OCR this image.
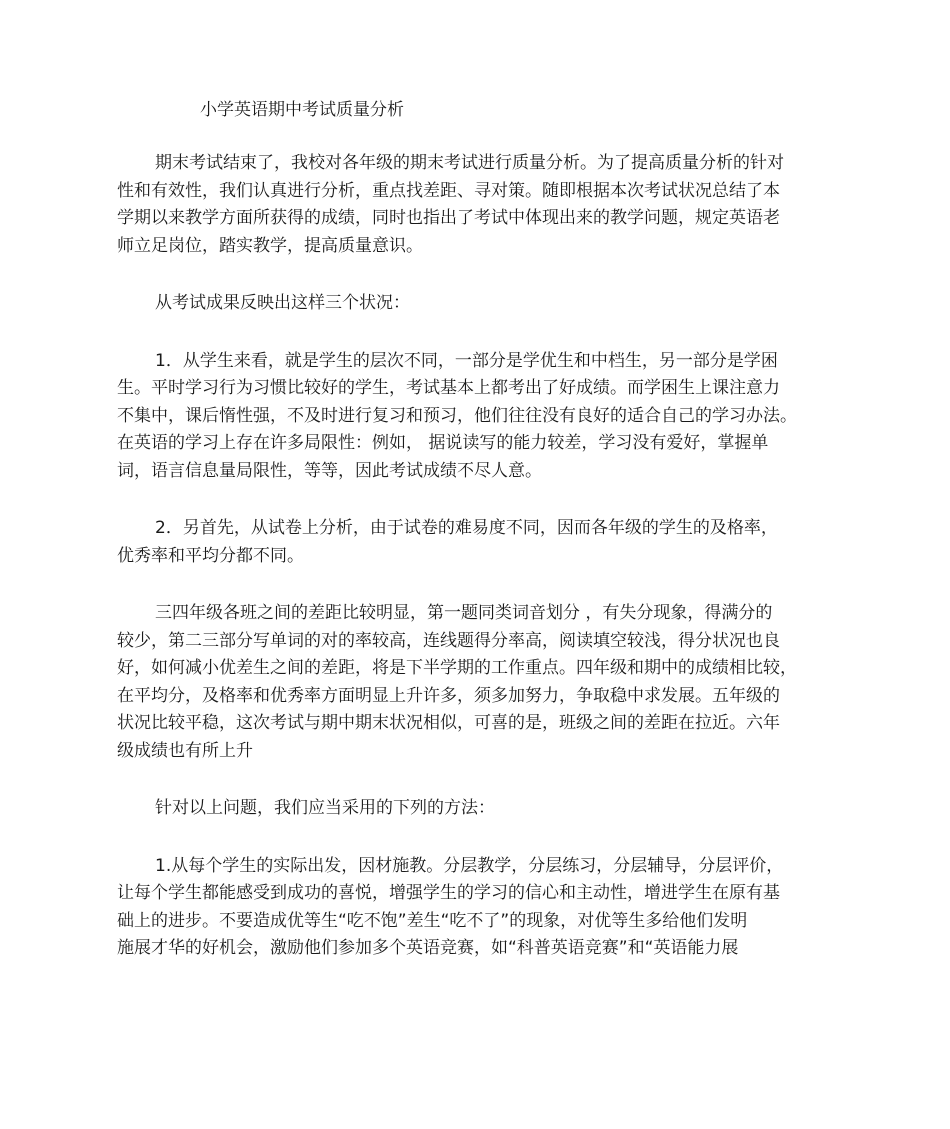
小学英语期中考试质量分析
期末考试结束了，我校对各年级的期末考试进行质量分析。为了提高质量分析的针对
性和有效性，我们认真进行分析，重点找差距、寻对策。随即根据本次考试状况总结了本
学期以来教学方面所获得的成绩，同时也指出了考试中体现出来的教学问题，规定英语老
师立足岗位，踏实教学，提高质量意识。
从考试成果反映出这样三个状况：
1．从学生来看，就是学生的层次不同，一部分是学优生和中档生，另一部分是学困
生。平时学习行为习惯比较好的学生，考试基本上都考出了好成绩。而学困生上课注意力
不集中，课后惰性强，不及时进行复习和预习，他们往往没有良好的适合自己的学习办法。
在英语的学习上存在许多局限性：例如， 据说读写的能力较差，学习没有爱好，掌握单
词，语言信息量局限性，等等，因此考试成绩不尽人意。
2．另首先，从试卷上分析，由于试卷的难易度不同，因而各年级的学生的及格率，
优秀率和平均分都不同。
三四年级各班之间的差距比较明显，第一题同类词音划分 ，有失分现象，得满分的
较少，第二三部分写单词的对的率较高，连线题得分率高，阅读填空较浅，得分状况也良
好，如何减小优差生之间的差距，将是下半学期的工作重点。四年级和期中的成绩相比较，
在平均分，及格率和优秀率方面明显上升许多，须多加努力，争取稳中求发展。五年级的
状况比较平稳，这次考试与期中期末状况相似，可喜的是，班级之间的差距在拉近。六年
级成绩也有所上升
针对以上问题，我们应当采用的下列的方法：
1.从每个学生的实际出发，因材施教。分层教学，分层练习，分层辅导，分层评价，
让每个学生都能感受到成功的喜悦，增强学生的学习的信心和主动性，增进学生在原有基
础上的进步。不要造成优等生“吃不饱”差生“吃不了”的现象，对优等生多给他们发明
施展才华的好机会，激励他们参加多个英语竞赛，如“科普英语竞赛”和“英语能力展
